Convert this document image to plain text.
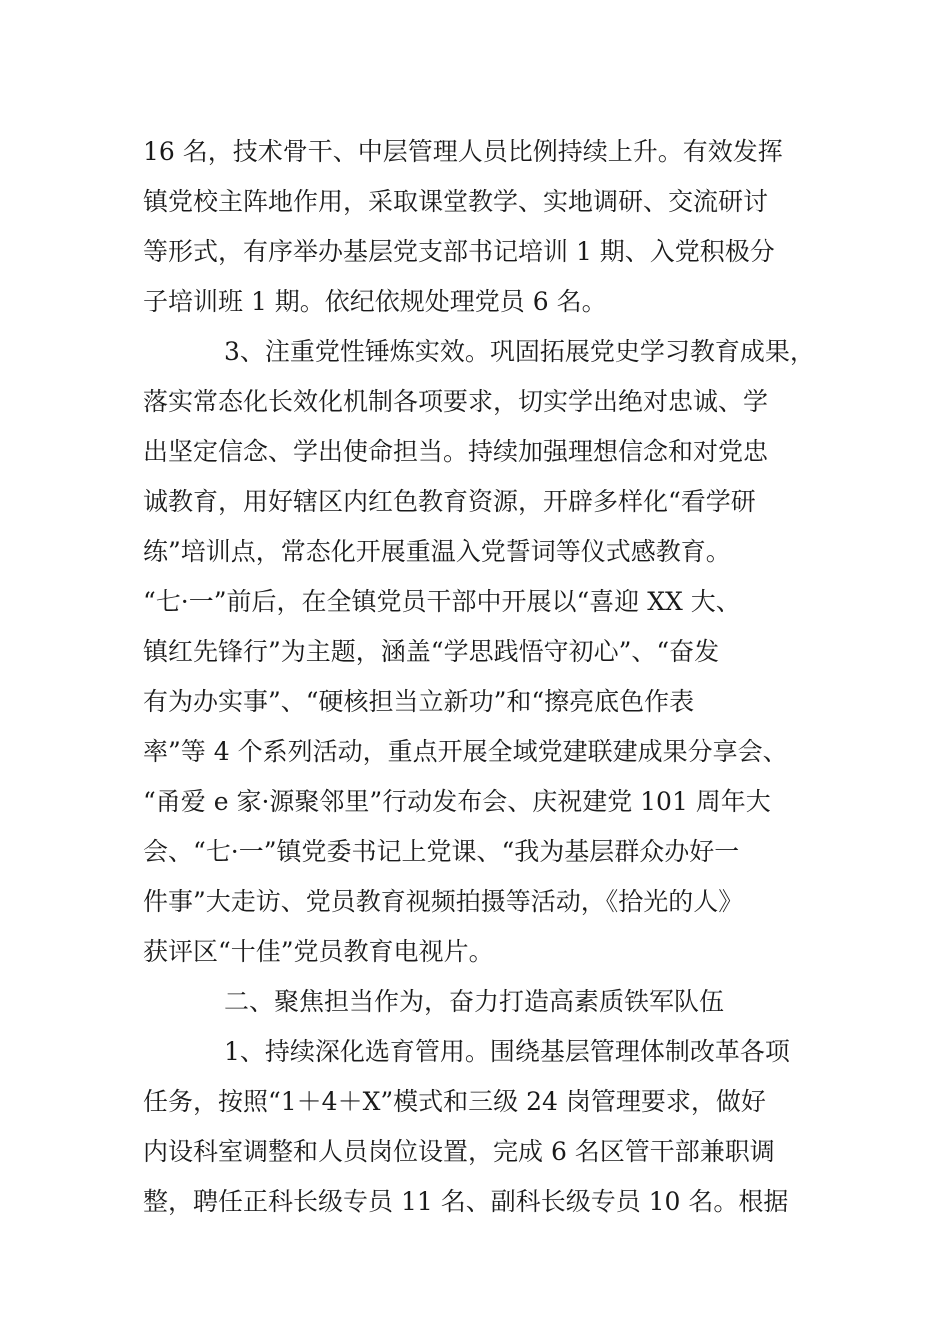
16 名，技术骨干、中层管理人员比例持续上升。有效发挥
镇党校主阵地作用，采取课堂教学、实地调研、交流研讨
等形式，有序举办基层党支部书记培训 1 期、入党积极分
子培训班 1 期。依纪依规处理党员 6 名。
3、注重党性锤炼实效。巩固拓展党史学习教育成果，
落实常态化长效化机制各项要求，切实学出绝对忠诚、学
出坚定信念、学出使命担当。持续加强理想信念和对党忠
诚教育，用好辖区内红色教育资源，开辟多样化“看学研
练”培训点，常态化开展重温入党誓词等仪式感教育。
“七·一”前后，在全镇党员干部中开展以“喜迎 XX 大、
镇红先锋行”为主题，涵盖“学思践悟守初心”、“奋发
有为办实事”、“硬核担当立新功”和“擦亮底色作表
率”等 4 个系列活动，重点开展全域党建联建成果分享会、
“甬爱 e 家·源聚邻里”行动发布会、庆祝建党 101 周年大
会、“七·一”镇党委书记上党课、“我为基层群众办好一
件事”大走访、党员教育视频拍摄等活动，《拾光的人》
获评区“十佳”党员教育电视片。
二、聚焦担当作为，奋力打造高素质铁军队伍
1、持续深化选育管用。围绕基层管理体制改革各项
任务，按照“1＋4＋X”模式和三级 24 岗管理要求，做好
内设科室调整和人员岗位设置，完成 6 名区管干部兼职调
整，聘任正科长级专员 11 名、副科长级专员 10 名。根据
